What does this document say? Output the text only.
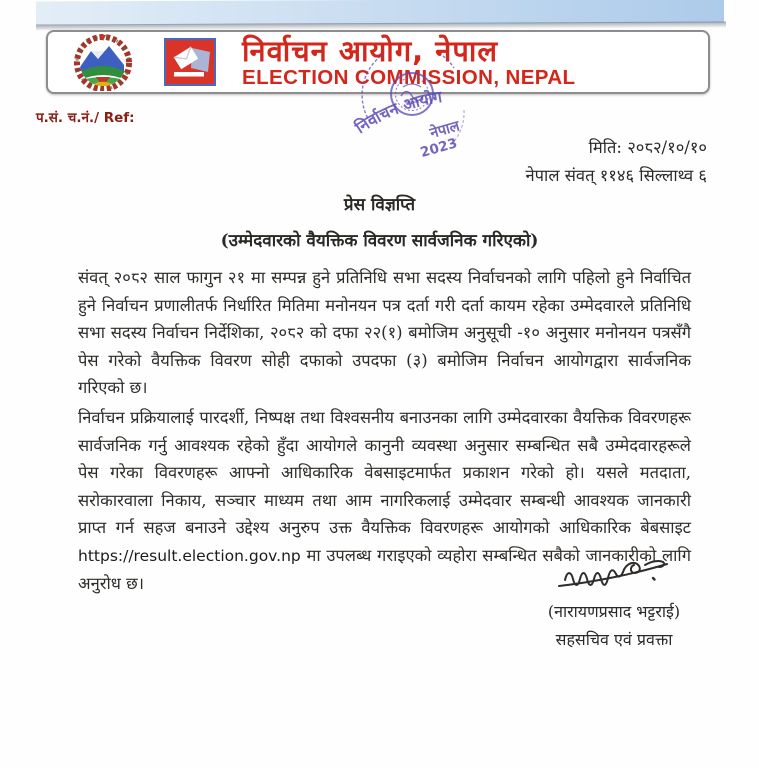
निर्वाचन आयोग, नेपाल
ELECTION COMMISSION, NEPAL
प.सं. च.नं./ Ref:	निर्वाचन आयोग
नेपाल
2023	मिति: २०८२/१०/१०
नेपाल संवत् ११४६ सिल्लाथ्व ६
प्रेस विज्ञप्ति
(उम्मेदवारको वैयक्तिक विवरण सार्वजनिक गरिएको)
संवत् २०८२ साल फागुन २१ मा सम्पन्न हुने प्रतिनिधि सभा सदस्य निर्वाचनको लागि पहिलो हुने निर्वाचित हुने निर्वाचन प्रणालीतर्फ निर्धारित मितिमा मनोनयन पत्र दर्ता गरी दर्ता कायम रहेका उम्मेदवारले प्रतिनिधि सभा सदस्य निर्वाचन निर्देशिका, २०८२ को दफा २२(१) बमोजिम अनुसूची -१० अनुसार मनोनयन पत्रसँगै पेस गरेको वैयक्तिक विवरण सोही दफाको उपदफा (३) बमोजिम निर्वाचन आयोगद्वारा सार्वजनिक गरिएको छ।
निर्वाचन प्रक्रियालाई पारदर्शी, निष्पक्ष तथा विश्वसनीय बनाउनका लागि उम्मेदवारका वैयक्तिक विवरणहरू सार्वजनिक गर्नु आवश्यक रहेको हुँदा आयोगले कानुनी व्यवस्था अनुसार सम्बन्धित सबै उम्मेदवारहरूले पेस गरेका विवरणहरू आफ्नो आधिकारिक वेबसाइटमार्फत प्रकाशन गरेको हो। यसले मतदाता, सरोकारवाला निकाय, सञ्चार माध्यम तथा आम नागरिकलाई उम्मेदवार सम्बन्धी आवश्यक जानकारी प्राप्त गर्न सहज बनाउने उद्देश्य अनुरुप उक्त वैयक्तिक विवरणहरू आयोगको आधिकारिक बेबसाइट https://result.election.gov.np मा उपलब्ध गराइएको व्यहोरा सम्बन्धित सबैको जानकारीको लागि अनुरोध छ।
(नारायणप्रसाद भट्टराई)
सहसचिव एवं प्रवक्ता
